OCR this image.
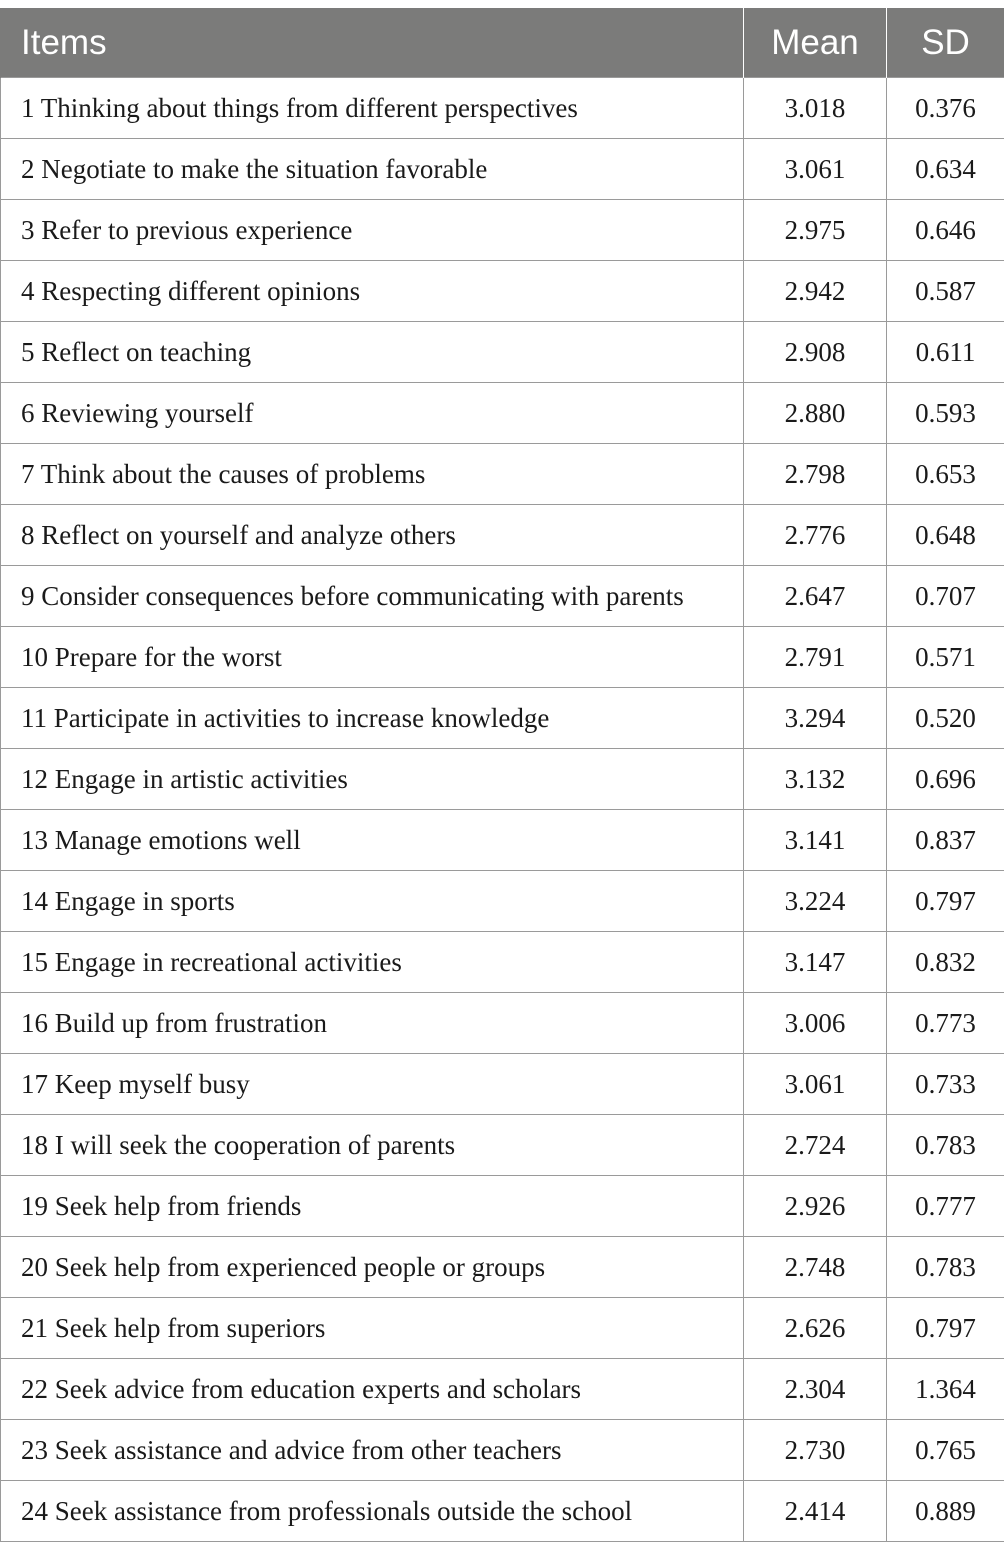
Items	Mean	SD
1 Thinking about things from different perspectives	3.018	0.376
2 Negotiate to make the situation favorable	3.061	0.634
3 Refer to previous experience	2.975	0.646
4 Respecting different opinions	2.942	0.587
5 Reflect on teaching	2.908	0.611
6 Reviewing yourself	2.880	0.593
7 Think about the causes of problems	2.798	0.653
8 Reflect on yourself and analyze others	2.776	0.648
9 Consider consequences before communicating with parents	2.647	0.707
10 Prepare for the worst	2.791	0.571
11 Participate in activities to increase knowledge	3.294	0.520
12 Engage in artistic activities	3.132	0.696
13 Manage emotions well	3.141	0.837
14 Engage in sports	3.224	0.797
15 Engage in recreational activities	3.147	0.832
16 Build up from frustration	3.006	0.773
17 Keep myself busy	3.061	0.733
18 I will seek the cooperation of parents	2.724	0.783
19 Seek help from friends	2.926	0.777
20 Seek help from experienced people or groups	2.748	0.783
21 Seek help from superiors	2.626	0.797
22 Seek advice from education experts and scholars	2.304	1.364
23 Seek assistance and advice from other teachers	2.730	0.765
24 Seek assistance from professionals outside the school	2.414	0.889
